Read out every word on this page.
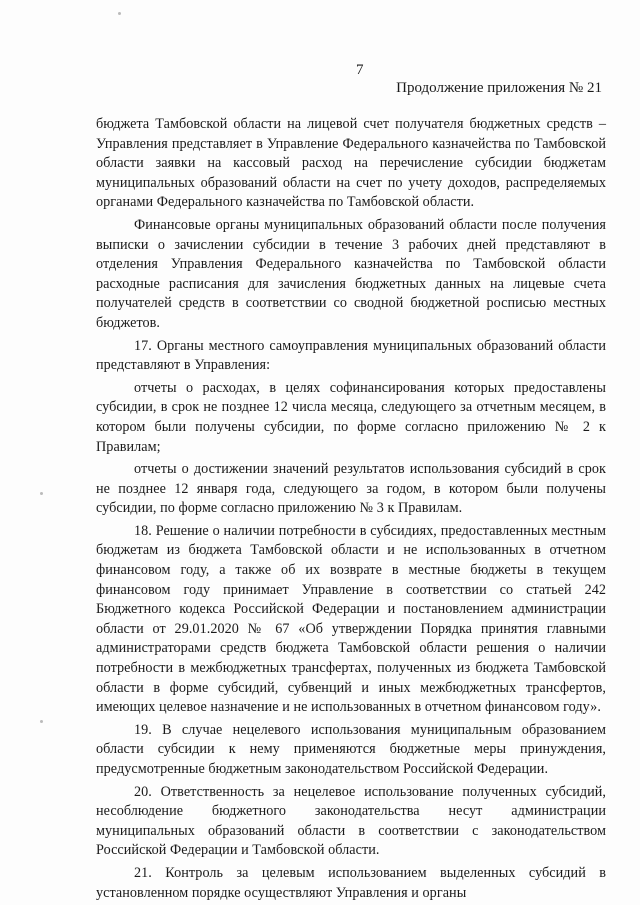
7
Продолжение приложения № 21

бюджета Тамбовской области на лицевой счет получателя бюджетных средств – Управления представляет в Управление Федерального казначейства по Тамбовской области заявки на кассовый расход на перечисление субсидии бюджетам муниципальных образований области на счет по учету доходов, распределяемых органами Федерального казначейства по Тамбовской области.

Финансовые органы муниципальных образований области после получения выписки о зачислении субсидии в течение 3 рабочих дней представляют в отделения Управления Федерального казначейства по Тамбовской области расходные расписания для зачисления бюджетных данных на лицевые счета получателей средств в соответствии со сводной бюджетной росписью местных бюджетов.

17. Органы местного самоуправления муниципальных образований области представляют в Управления:

отчеты о расходах, в целях софинансирования которых предоставлены субсидии, в срок не позднее 12 числа месяца, следующего за отчетным месяцем, в котором были получены субсидии, по форме согласно приложению № 2 к Правилам;

отчеты о достижении значений результатов использования субсидий в срок не позднее 12 января года, следующего за годом, в котором были получены субсидии, по форме согласно приложению № 3 к Правилам.

18. Решение о наличии потребности в субсидиях, предоставленных местным бюджетам из бюджета Тамбовской области и не использованных в отчетном финансовом году, а также об их возврате в местные бюджеты в текущем финансовом году принимает Управление в соответствии со статьей 242 Бюджетного кодекса Российской Федерации и постановлением администрации области от 29.01.2020 № 67 «Об утверждении Порядка принятия главными администраторами средств бюджета Тамбовской области решения о наличии потребности в межбюджетных трансфертах, полученных из бюджета Тамбовской области в форме субсидий, субвенций и иных межбюджетных трансфертов, имеющих целевое назначение и не использованных в отчетном финансовом году».

19. В случае нецелевого использования муниципальным образованием области субсидии к нему применяются бюджетные меры принуждения, предусмотренные бюджетным законодательством Российской Федерации.

20. Ответственность за нецелевое использование полученных субсидий, несоблюдение бюджетного законодательства несут администрации муниципальных образований области в соответствии с законодательством Российской Федерации и Тамбовской области.

21. Контроль за целевым использованием выделенных субсидий в установленном порядке осуществляют Управления и органы
